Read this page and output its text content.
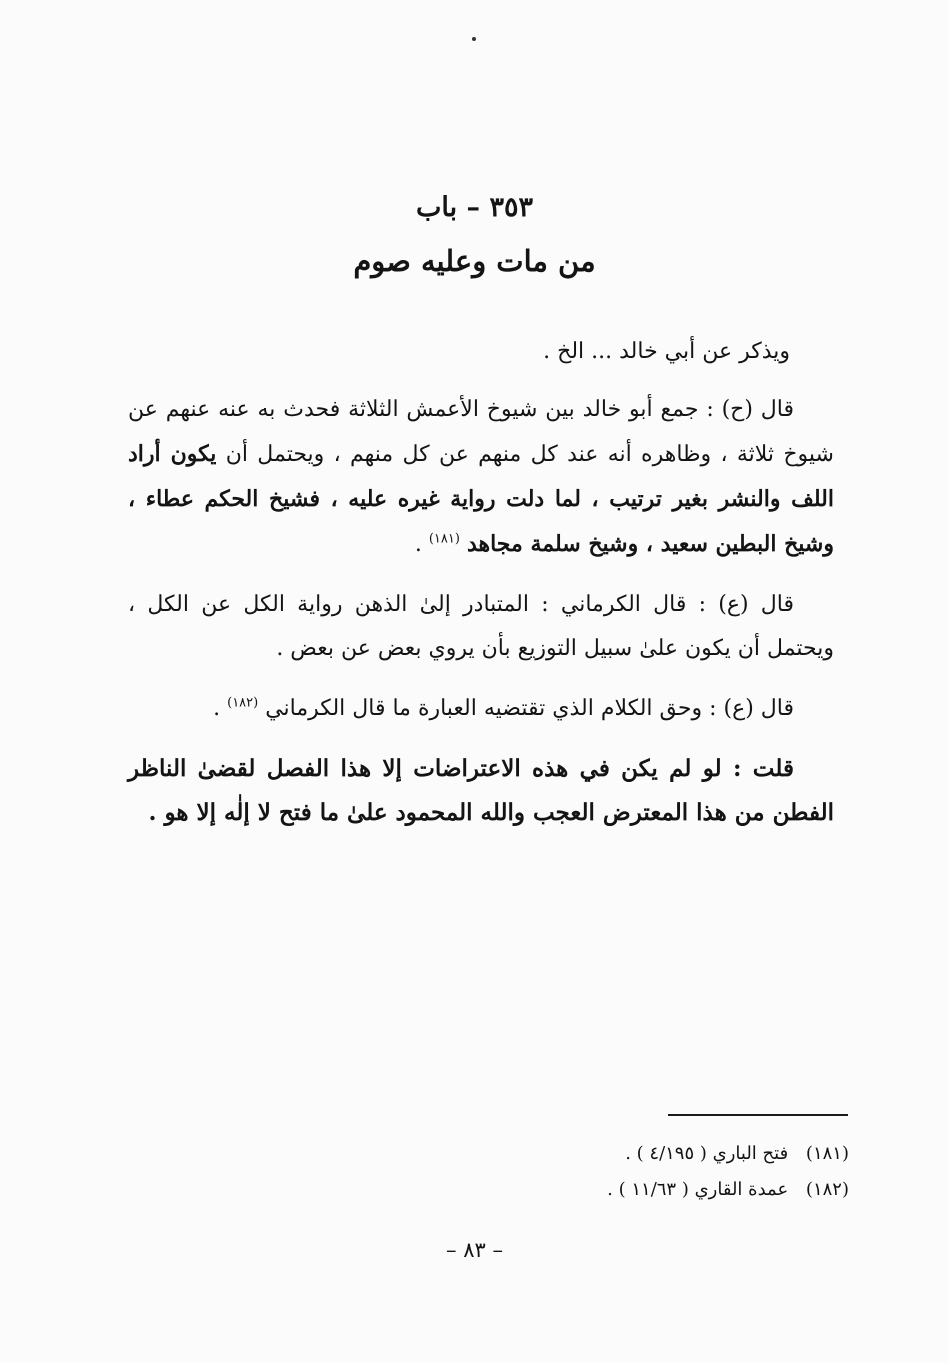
٣٥٣ – باب
من مات وعليه صوم

ويذكر عن أبي خالد ... الخ .

قال (ح) : جمع أبو خالد بين شيوخ الأعمش الثلاثة فحدث به عنه عنهم عن شيوخ ثلاثة ، وظاهره أنه عند كل منهم عن كل منهم ، ويحتمل أن يكون أراد اللف والنشر بغير ترتيب ، لما دلت رواية غيره عليه ، فشيخ الحكم عطاء ، وشيخ البطين سعيد ، وشيخ سلمة مجاهد $^{(١٨١)}$ .

قال (ع) : قال الكرماني : المتبادر إلىٰ الذهن رواية الكل عن الكل ، ويحتمل أن يكون علىٰ سبيل التوزيع بأن يروي بعض عن بعض .

قال (ع) : وحق الكلام الذي تقتضيه العبارة ما قال الكرماني $^{(١٨٢)}$ .

قلت : لو لم يكن في هذه الاعتراضات إلا هذا الفصل لقضىٰ الناظر الفطن من هذا المعترض العجب والله المحمود علىٰ ما فتح لا إلٰه إلا هو .

(١٨١) فتح الباري ( ٤/١٩٥ ) .
(١٨٢) عمدة القاري ( ١١/٦٣ ) .
– ٨٣ –
